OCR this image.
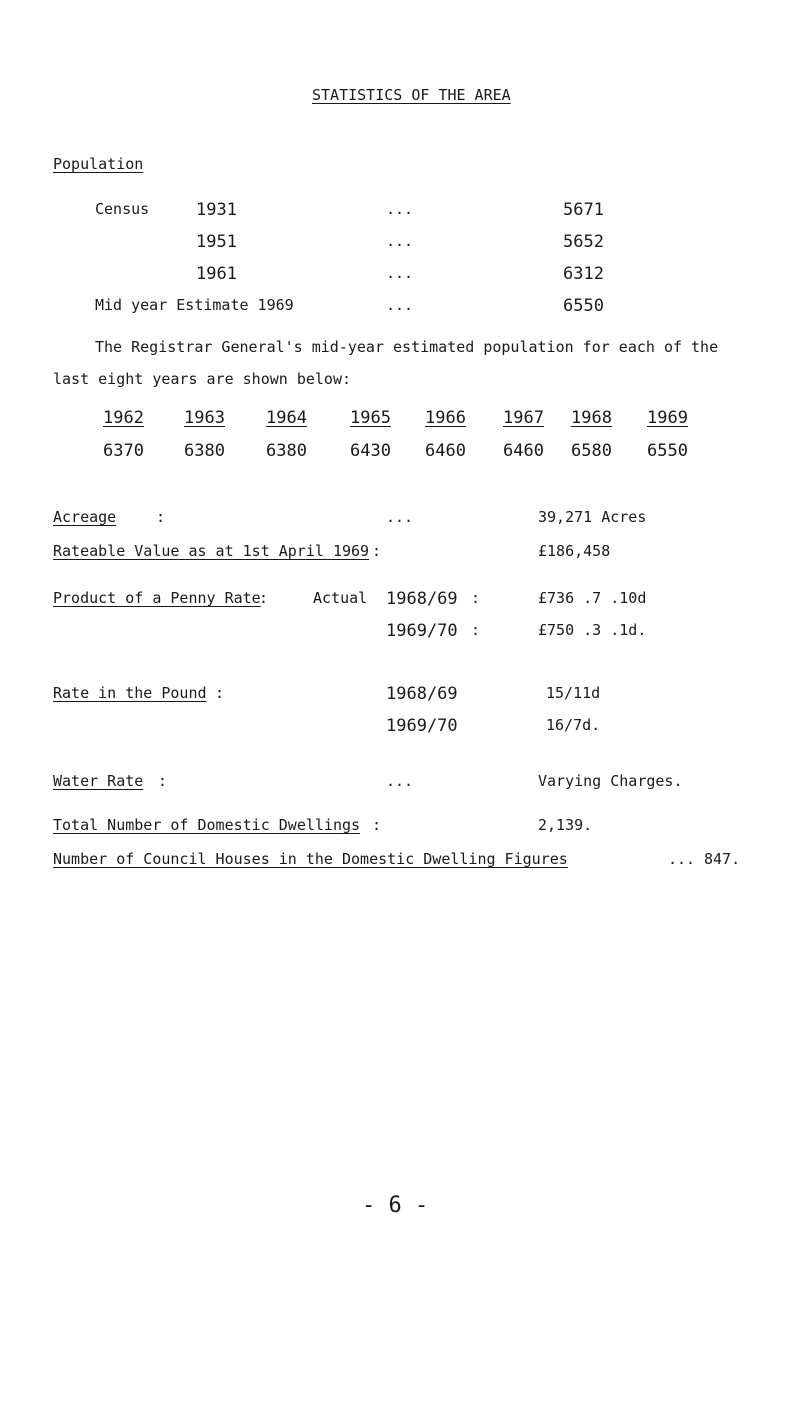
STATISTICS OF THE AREA
Population
Census	1931	...	5671
1951	...	5652
1961	...	6312
Mid year Estimate 1969	...	6550
The Registrar General's mid-year estimated population for each of the
last eight years are shown below:
1962 1963 1964	1965 1966 1967 1968 1969
6370 6380 6380	6430 6460 6460 6580 6550
Acreage	:	...	39,271 Acres
Rateable Value as at 1st April 1969 :	£186,458
Product of a Penny Rate
:	Actual 1968/69 :	£736 .7 .10d
1969/70 :	£750 .3 .1d.
Rate in the Pound :	1968/69	15/11d
1969/70	16/7d.
Water Rate :	...	Varying Charges.
Total Number of Domestic Dwellings :	2,139.
Number of Council Houses in the Domestic Dwelling Figures	... 847.
- 6 -
